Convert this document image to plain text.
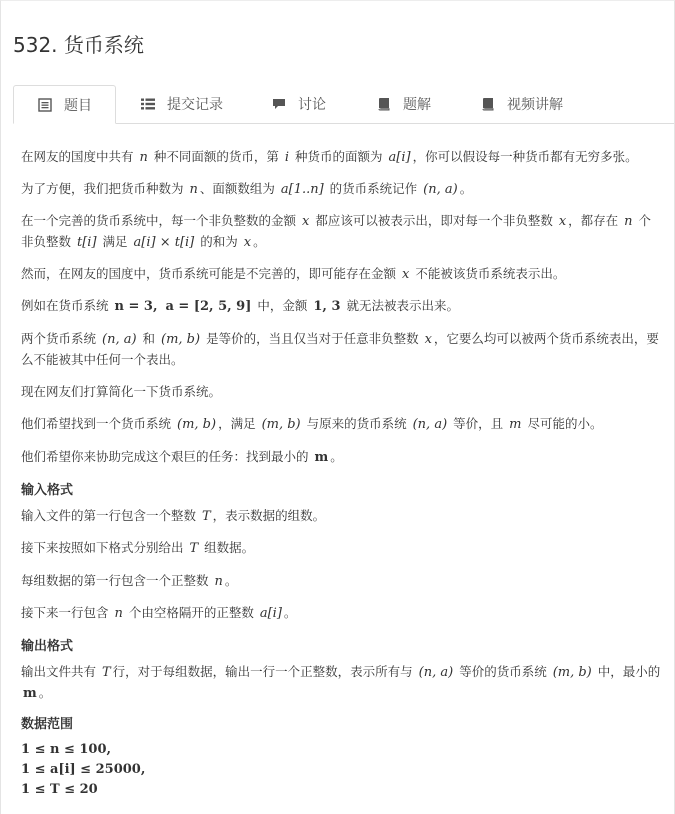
532. 货币系统
题目	提交记录	讨论	题解	视频讲解

在网友的国度中共有 n 种不同面额的货币，第 i 种货币的面额为 a[i] ，你可以假设每一种货币都有无穷多张。

为了方便，我们把货币种数为 n 、面额数组为 a[1..n] 的货币系统记作 (n, a) 。

在一个完善的货币系统中，每一个非负整数的金额 x 都应该可以被表示出，即对每一个非负整数 x ，都存在 n 个非负整数 t[i] 满足 a[i] × t[i] 的和为 x 。

然而，在网友的国度中，货币系统可能是不完善的，即可能存在金额 x 不能被该货币系统表示出。

例如在货币系统 n = 3, a = [2, 5, 9] 中，金额 1, 3 就无法被表示出来。

两个货币系统 (n, a) 和 (m, b) 是等价的，当且仅当对于任意非负整数 x ，它要么均可以被两个货币系统表出，要么不能被其中任何一个表出。

现在网友们打算简化一下货币系统。

他们希望找到一个货币系统 (m, b) ，满足 (m, b) 与原来的货币系统 (n, a) 等价，且 m 尽可能的小。

他们希望你来协助完成这个艰巨的任务：找到最小的 m 。

输入格式

输入文件的第一行包含一个整数 T ，表示数据的组数。

接下来按照如下格式分别给出 T 组数据。

每组数据的第一行包含一个正整数 n 。

接下来一行包含 n 个由空格隔开的正整数 a[i] 。

输出格式

输出文件共有 T 行，对于每组数据，输出一行一个正整数，表示所有与 (n, a) 等价的货币系统 (m, b) 中，最小的 m 。

数据范围

1 ≤ n ≤ 100,

1 ≤ a[i] ≤ 25000,

1 ≤ T ≤ 20
